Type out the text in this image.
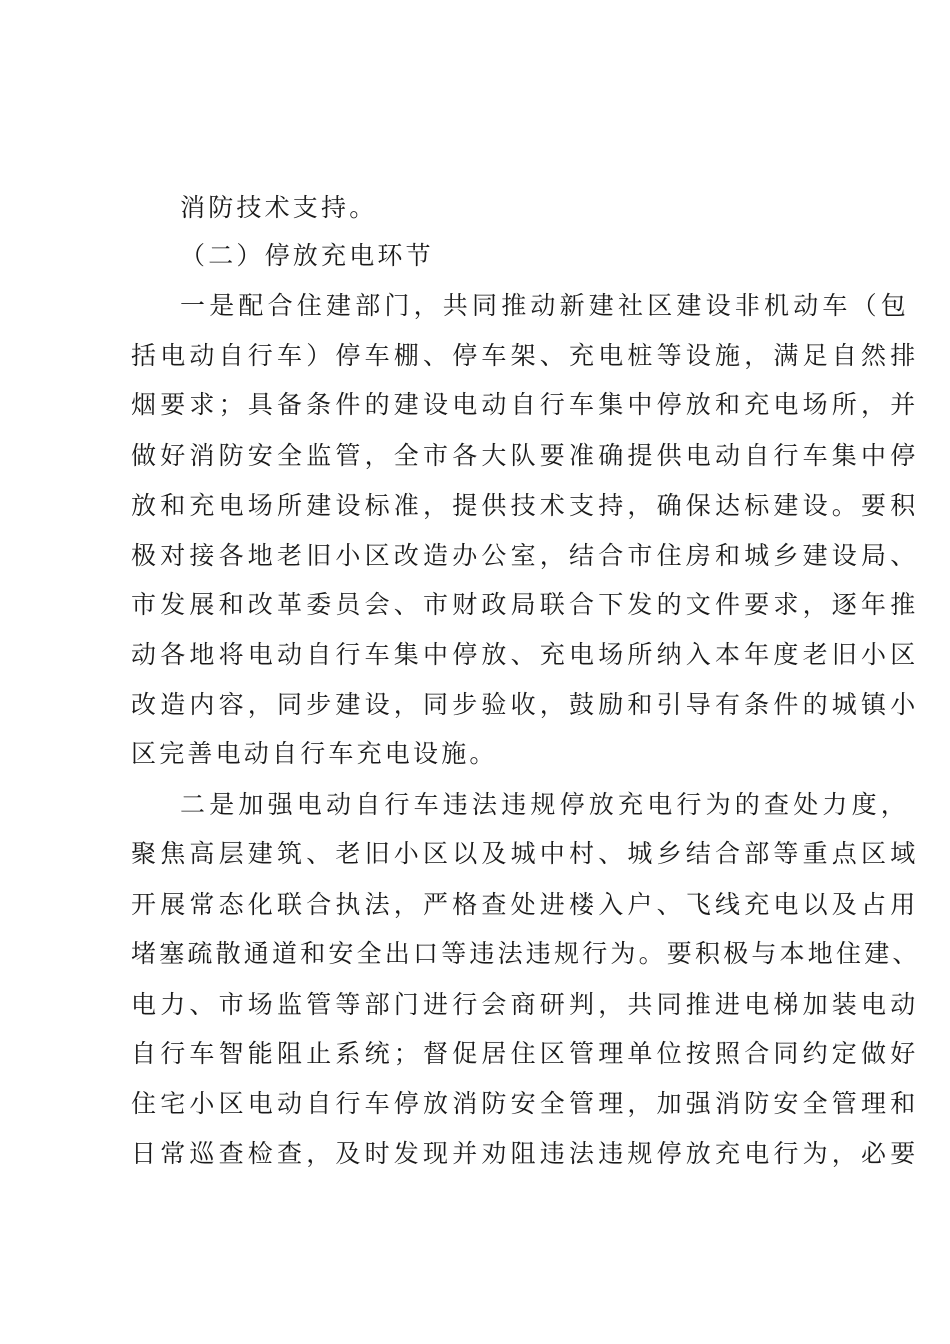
消防技术支持。
（二）停放充电环节
一是配合住建部门，共同推动新建社区建设非机动车（包
括电动自行车）停车棚、停车架、充电桩等设施，满足自然排
烟要求；具备条件的建设电动自行车集中停放和充电场所，并
做好消防安全监管，全市各大队要准确提供电动自行车集中停
放和充电场所建设标准，提供技术支持，确保达标建设。要积
极对接各地老旧小区改造办公室，结合市住房和城乡建设局、
市发展和改革委员会、市财政局联合下发的文件要求，逐年推
动各地将电动自行车集中停放、充电场所纳入本年度老旧小区
改造内容，同步建设，同步验收，鼓励和引导有条件的城镇小
区完善电动自行车充电设施。
二是加强电动自行车违法违规停放充电行为的查处力度，
聚焦高层建筑、老旧小区以及城中村、城乡结合部等重点区域
开展常态化联合执法，严格查处进楼入户、飞线充电以及占用
堵塞疏散通道和安全出口等违法违规行为。要积极与本地住建、
电力、市场监管等部门进行会商研判，共同推进电梯加装电动
自行车智能阻止系统；督促居住区管理单位按照合同约定做好
住宅小区电动自行车停放消防安全管理，加强消防安全管理和
日常巡查检查，及时发现并劝阻违法违规停放充电行为，必要
